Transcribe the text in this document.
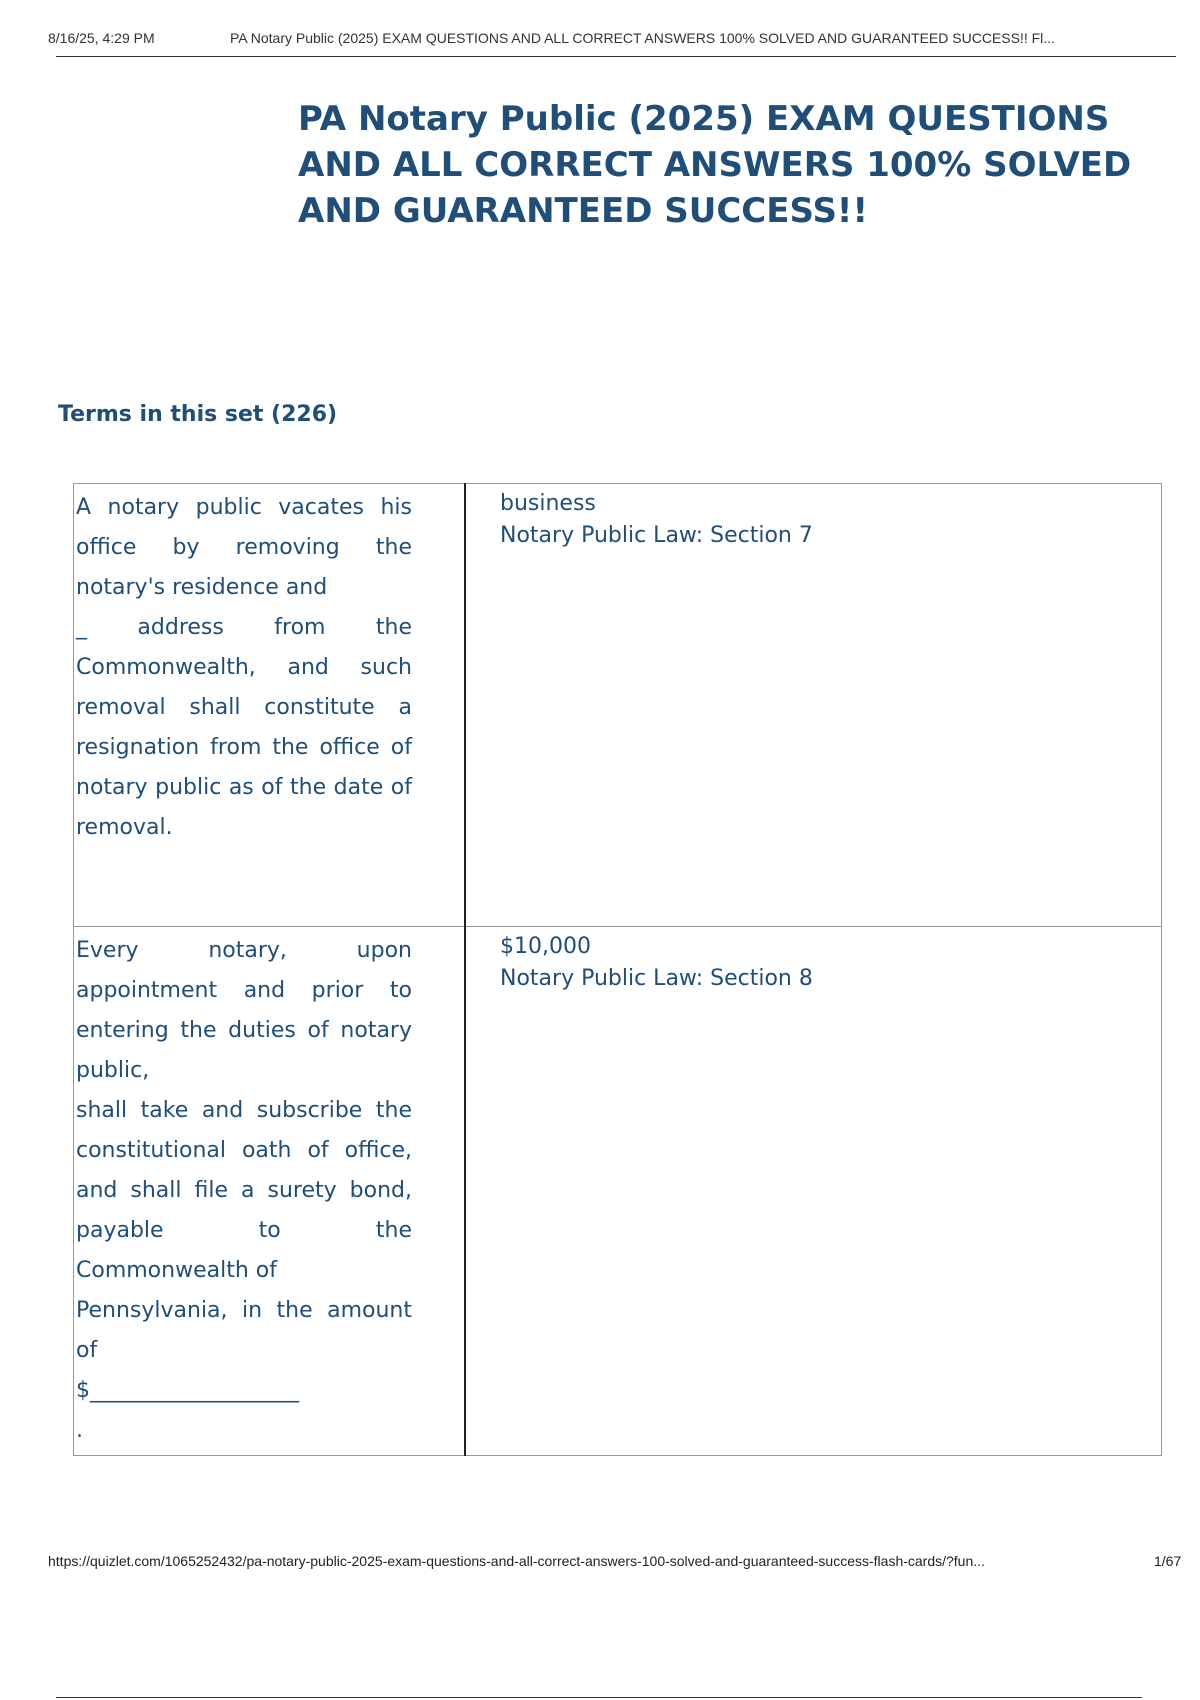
8/16/25, 4:29 PM	PA Notary Public (2025) EXAM QUESTIONS AND ALL CORRECT ANSWERS 100% SOLVED AND GUARANTEED SUCCESS!! Fl...
PA Notary Public (2025) EXAM QUESTIONS AND ALL CORRECT ANSWERS 100% SOLVED AND GUARANTEED SUCCESS!!
Terms in this set (226)
A notary public vacates his office by removing the notary's residence and
_ address from the Commonwealth, and such removal shall constitute a resignation from the office of notary public as of the date of removal.	business
Notary Public Law: Section 7

Every notary, upon appointment and prior to entering the duties of notary public,
shall take and subscribe the constitutional oath of office, and shall file a surety bond, payable to the Commonwealth of
Pennsylvania, in the amount of
$___________________
.	$10,000
Notary Public Law: Section 8
https://quizlet.com/1065252432/pa-notary-public-2025-exam-questions-and-all-correct-answers-100-solved-and-guaranteed-success-flash-cards/?fun...	1/67
